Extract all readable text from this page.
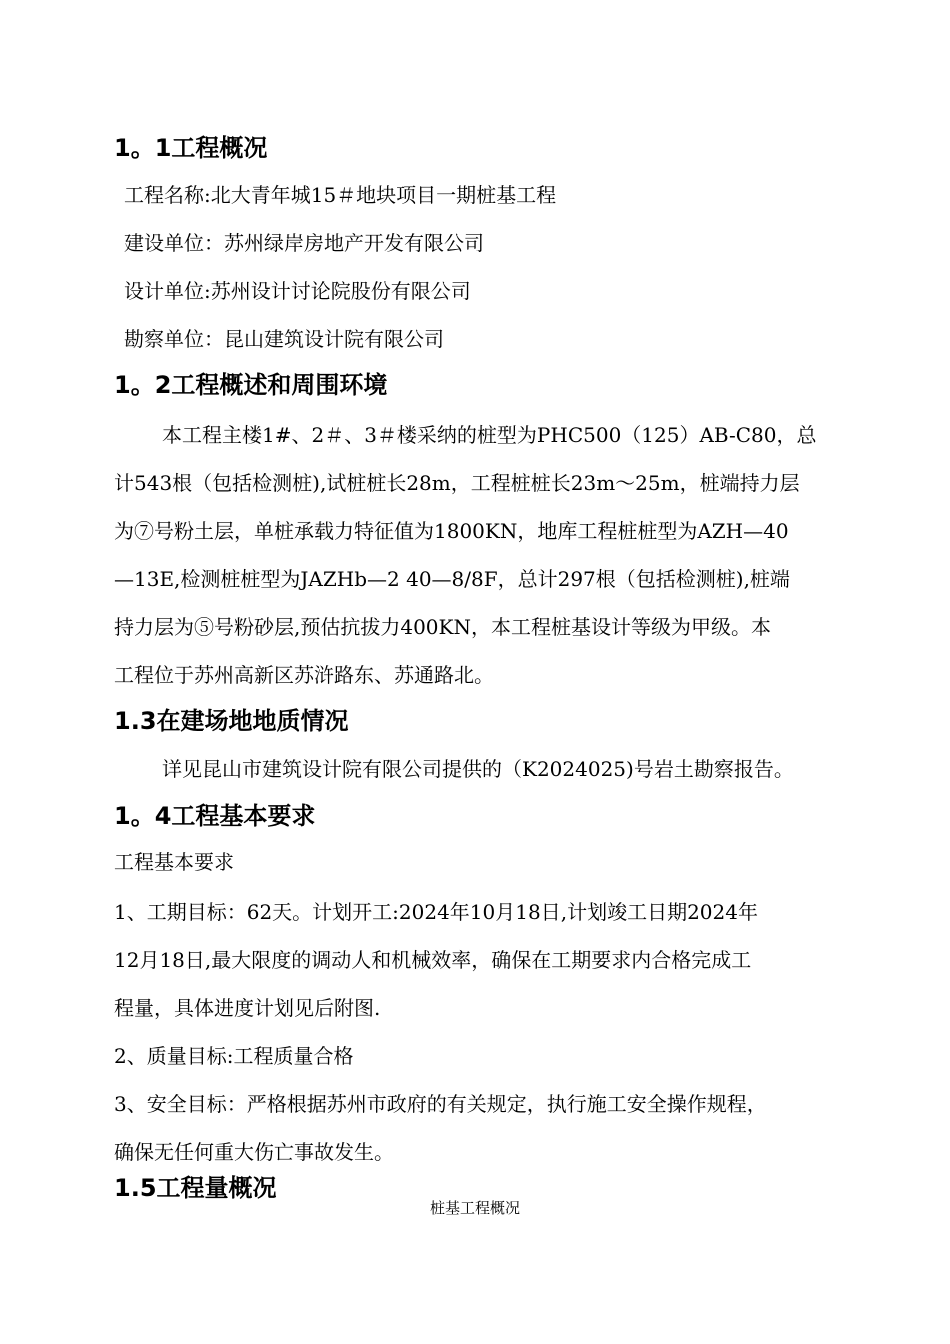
1。1工程概况

工程名称:北大青年城15＃地块项目一期桩基工程

建设单位：苏州绿岸房地产开发有限公司

设计单位:苏州设计讨论院股份有限公司

勘察单位：昆山建筑设计院有限公司

1。2工程概述和周围环境

本工程主楼1#、2＃、3＃楼采纳的桩型为PHC500（125）AB-C80，总

计543根（包括检测桩),试桩桩长28m，工程桩桩长23m～25m，桩端持力层

为⑦号粉土层，单桩承载力特征值为1800KN，地库工程桩桩型为AZH—40

—13E,检测桩桩型为JAZHb—2 40—8/8F，总计297根（包括检测桩),桩端

持力层为⑤号粉砂层,预估抗拔力400KN，本工程桩基设计等级为甲级。本

工程位于苏州高新区苏浒路东、苏通路北。

1.3在建场地地质情况

详见昆山市建筑设计院有限公司提供的（K2024025)号岩土勘察报告。

1。4工程基本要求

工程基本要求

1、工期目标：62天。计划开工:2024年10月18日,计划竣工日期2024年

12月18日,最大限度的调动人和机械效率，确保在工期要求内合格完成工

程量，具体进度计划见后附图.

2、质量目标:工程质量合格

3、安全目标：严格根据苏州市政府的有关规定，执行施工安全操作规程，

确保无任何重大伤亡事故发生。

1.5工程量概况

桩基工程概况
